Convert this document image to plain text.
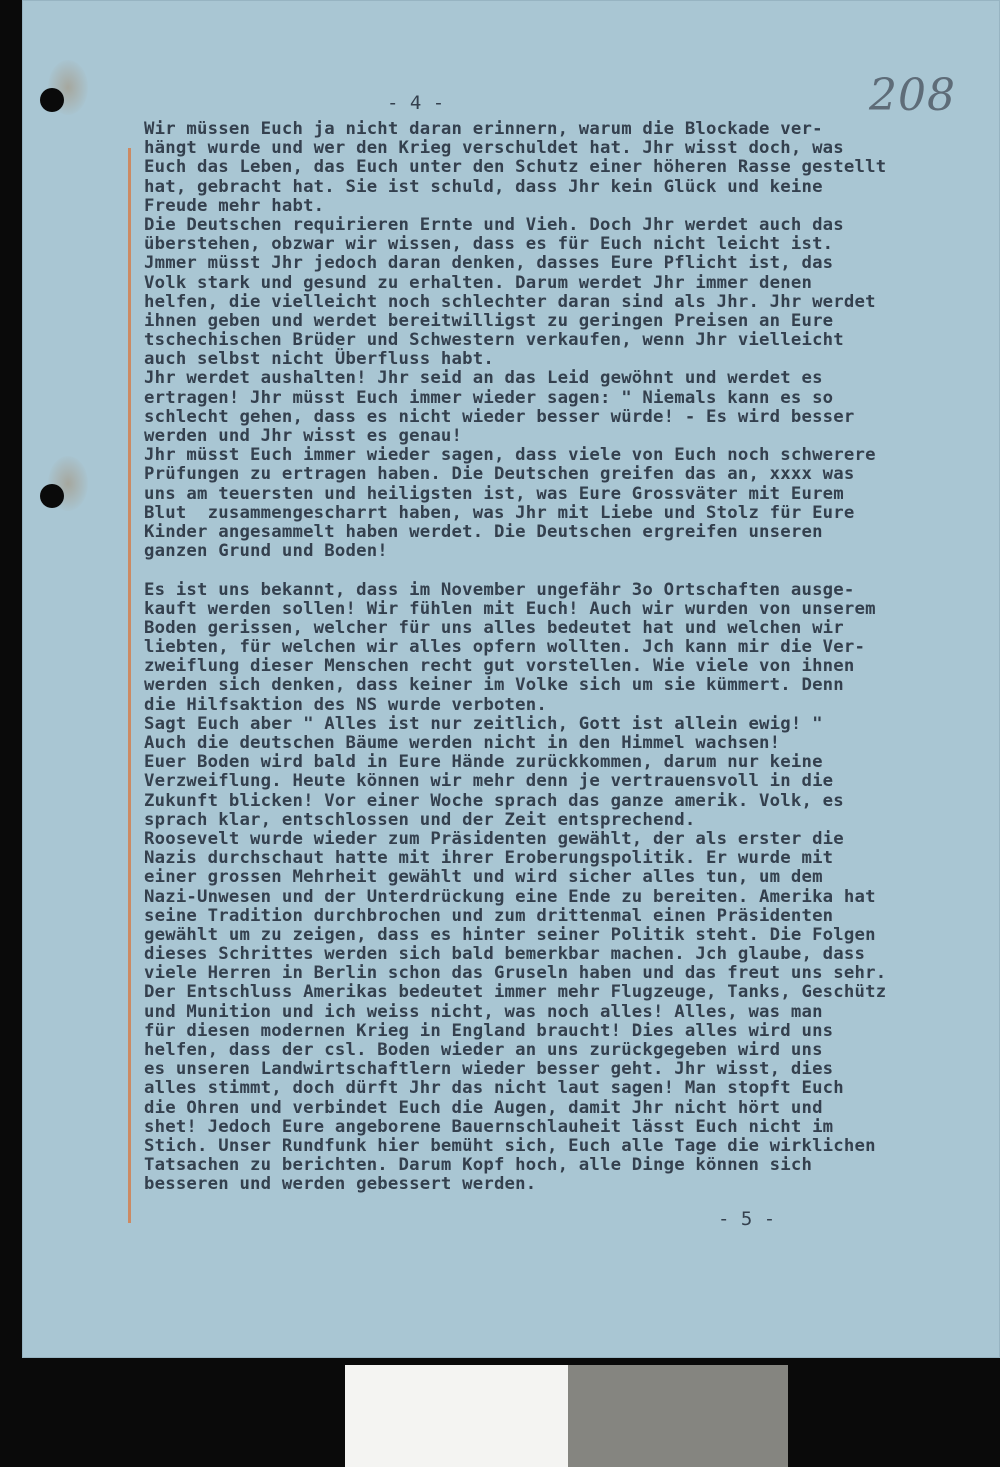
208
- 4 -
Wir müssen Euch ja nicht daran erinnern, warum die Blockade ver-
hängt wurde und wer den Krieg verschuldet hat. Jhr wisst doch, was
Euch das Leben, das Euch unter den Schutz einer höheren Rasse gestellt
hat, gebracht hat. Sie ist schuld, dass Jhr kein Glück und keine
Freude mehr habt.
Die Deutschen requirieren Ernte und Vieh. Doch Jhr werdet auch das
überstehen, obzwar wir wissen, dass es für Euch nicht leicht ist.
Jmmer müsst Jhr jedoch daran denken, dasses Eure Pflicht ist, das
Volk stark und gesund zu erhalten. Darum werdet Jhr immer denen
helfen, die vielleicht noch schlechter daran sind als Jhr. Jhr werdet
ihnen geben und werdet bereitwilligst zu geringen Preisen an Eure
tschechischen Brüder und Schwestern verkaufen, wenn Jhr vielleicht
auch selbst nicht Überfluss habt.
Jhr werdet aushalten! Jhr seid an das Leid gewöhnt und werdet es
ertragen! Jhr müsst Euch immer wieder sagen: " Niemals kann es so
schlecht gehen, dass es nicht wieder besser würde! - Es wird besser
werden und Jhr wisst es genau!
Jhr müsst Euch immer wieder sagen, dass viele von Euch noch schwerere
Prüfungen zu ertragen haben. Die Deutschen greifen das an, xxxx was
uns am teuersten und heiligsten ist, was Eure Grossväter mit Eurem
Blut  zusammengescharrt haben, was Jhr mit Liebe und Stolz für Eure
Kinder angesammelt haben werdet. Die Deutschen ergreifen unseren
ganzen Grund und Boden!
Es ist uns bekannt, dass im November ungefähr 3o Ortschaften ausge-
kauft werden sollen! Wir fühlen mit Euch! Auch wir wurden von unserem
Boden gerissen, welcher für uns alles bedeutet hat und welchen wir
liebten, für welchen wir alles opfern wollten. Jch kann mir die Ver-
zweiflung dieser Menschen recht gut vorstellen. Wie viele von ihnen
werden sich denken, dass keiner im Volke sich um sie kümmert. Denn
die Hilfsaktion des NS wurde verboten.
Sagt Euch aber " Alles ist nur zeitlich, Gott ist allein ewig! "
Auch die deutschen Bäume werden nicht in den Himmel wachsen!
Euer Boden wird bald in Eure Hände zurückkommen, darum nur keine
Verzweiflung. Heute können wir mehr denn je vertrauensvoll in die
Zukunft blicken! Vor einer Woche sprach das ganze amerik. Volk, es
sprach klar, entschlossen und der Zeit entsprechend.
Roosevelt wurde wieder zum Präsidenten gewählt, der als erster die
Nazis durchschaut hatte mit ihrer Eroberungspolitik. Er wurde mit
einer grossen Mehrheit gewählt und wird sicher alles tun, um dem
Nazi-Unwesen und der Unterdrückung eine Ende zu bereiten. Amerika hat
seine Tradition durchbrochen und zum drittenmal einen Präsidenten
gewählt um zu zeigen, dass es hinter seiner Politik steht. Die Folgen
dieses Schrittes werden sich bald bemerkbar machen. Jch glaube, dass
viele Herren in Berlin schon das Gruseln haben und das freut uns sehr.
Der Entschluss Amerikas bedeutet immer mehr Flugzeuge, Tanks, Geschütz
und Munition und ich weiss nicht, was noch alles! Alles, was man
für diesen modernen Krieg in England braucht! Dies alles wird uns
helfen, dass der csl. Boden wieder an uns zurückgegeben wird uns
es unseren Landwirtschaftlern wieder besser geht. Jhr wisst, dies
alles stimmt, doch dürft Jhr das nicht laut sagen! Man stopft Euch
die Ohren und verbindet Euch die Augen, damit Jhr nicht hört und
shet! Jedoch Eure angeborene Bauernschlauheit lässt Euch nicht im
Stich. Unser Rundfunk hier bemüht sich, Euch alle Tage die wirklichen
Tatsachen zu berichten. Darum Kopf hoch, alle Dinge können sich
besseren und werden gebessert werden.
- 5 -
